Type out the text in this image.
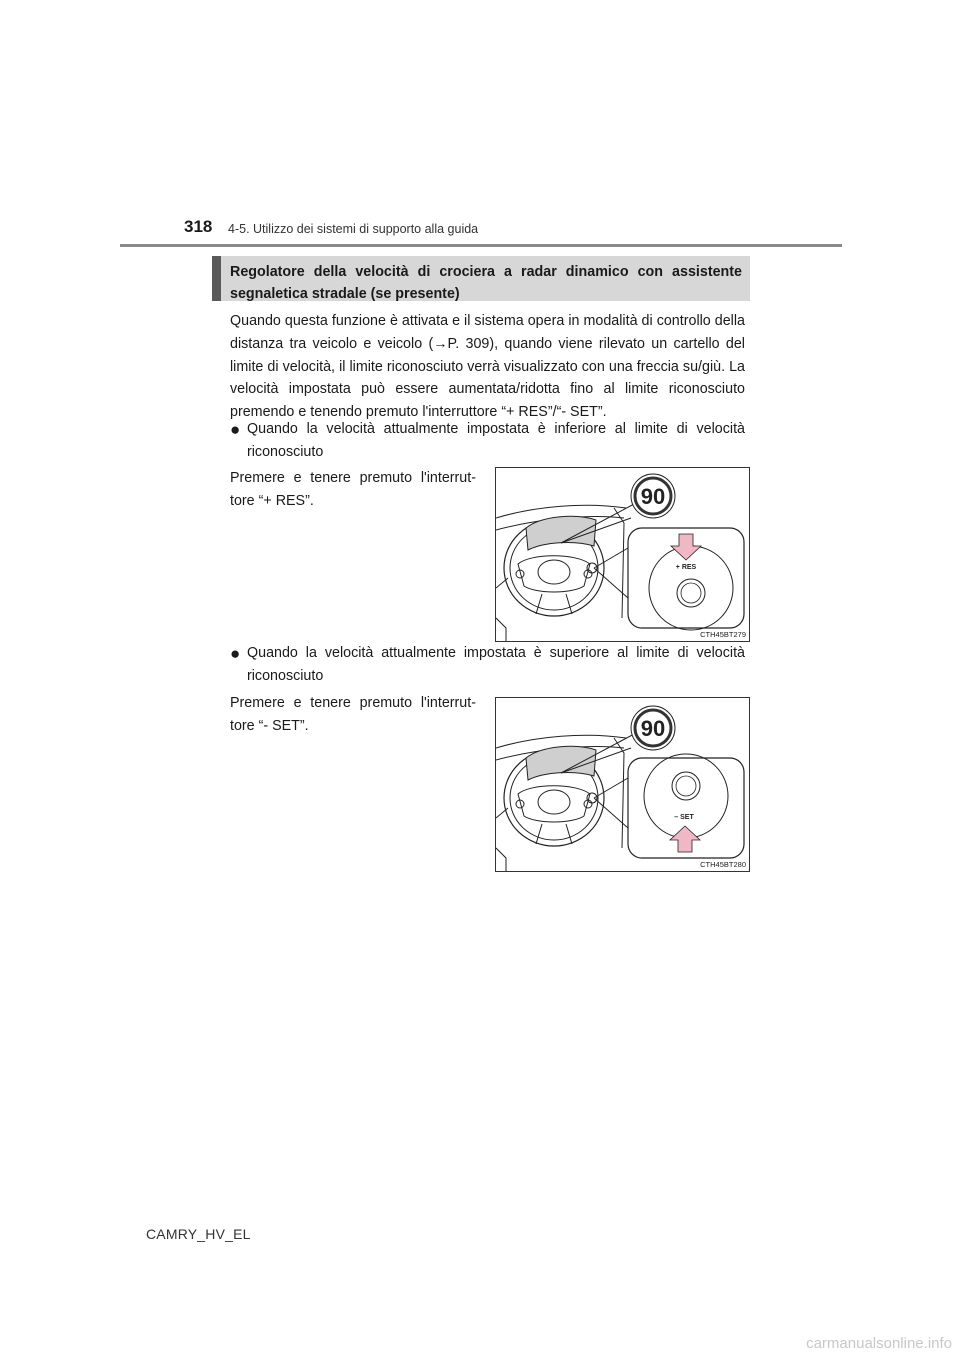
318 4-5. Utilizzo dei sistemi di supporto alla guida
Regolatore della velocità di crociera a radar dinamico con assistente segnaletica stradale (se presente)

Quando questa funzione è attivata e il sistema opera in modalità di controllo della distanza tra veicolo e veicolo (→P. 309), quando viene rilevato un cartello del limite di velocità, il limite riconosciuto verrà visualizzato con una freccia su/giù. La velocità impostata può essere aumentata/ridotta fino al limite riconosciuto premendo e tenendo premuto l'interruttore “+ RES”/“- SET”.

● Quando la velocità attualmente impostata è inferiore al limite di velocità riconosciuto

Premere e tenere premuto l'interruttore “+ RES”.	90
+ RES
CTH45BT279
● Quando la velocità attualmente impostata è superiore al limite di velocità riconosciuto

Premere e tenere premuto l'interruttore “- SET”.	90
– SET
CTH45BT280
CAMRY_HV_EL
carmanualsonline.info
